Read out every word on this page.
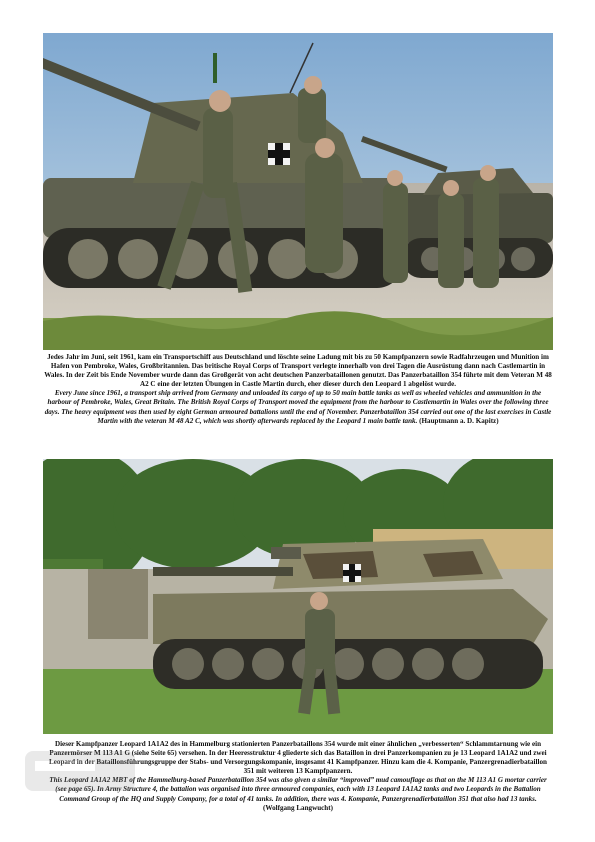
Jedes Jahr im Juni, seit 1961, kam ein Transportschiff aus Deutschland und löschte seine Ladung mit bis zu 50 Kampfpanzern sowie Radfahrzeugen und Munition im Hafen von Pembroke, Wales, Großbritannien. Das britische Royal Corps of Transport verlegte innerhalb von drei Tagen die Ausrüstung dann nach Castlemartin in Wales. In der Zeit bis Ende November wurde dann das Großgerät von acht deutschen Panzerbataillonen genutzt. Das Panzerbataillon 354 führte mit dem Veteran M 48 A2 C eine der letzten Übungen in Castle Martin durch, eher dieser durch den Leopard 1 abgelöst wurde.

Every June since 1961, a transport ship arrived from Germany and unloaded its cargo of up to 50 main battle tanks as well as wheeled vehicles and ammunition in the harbour of Pembroke, Wales, Great Britain. The British Royal Corps of Transport moved the equipment from the harbour to Castlemartin in Wales over the following three days. The heavy equipment was then used by eight German armoured battalions until the end of November. Panzerbataillon 354 carried out one of the last exercises in Castle Martin with the veteran M 48 A2 C, which was shortly afterwards replaced by the Leopard 1 main battle tank. (Hauptmann a. D. Kapitz)

Dieser Kampfpanzer Leopard 1A1A2 des in Hammelburg stationierten Panzerbataillons 354 wurde mit einer ähnlichen „verbesserten“ Schlammtarnung wie ein Panzermörser M 113 A1 G (siehe Seite 65) versehen. In der Heeresstruktur 4 gliederte sich das Bataillon in drei Panzerkompanien zu je 13 Leopard 1A1A2 und zwei Leopard in der Bataillonsführungsgruppe der Stabs- und Versorgungskompanie, insgesamt 41 Kampfpanzer. Hinzu kam die 4. Kompanie, Panzergrenadierbataillon 351 mit weiteren 13 Kampfpanzern.

This Leopard 1A1A2 MBT of the Hammelburg-based Panzerbataillon 354 was also given a similar “improved” mud camouflage as that on the M 113 A1 G mortar carrier (see page 65). In Army Structure 4, the battalion was organised into three armoured companies, each with 13 Leopard 1A1A2 tanks and two Leopards in the Battalion Command Group of the HQ and Supply Company, for a total of 41 tanks. In addition, there was 4. Kompanie, Panzergrenadierbataillon 351 that also had 13 tanks. (Wolfgang Langwucht)
